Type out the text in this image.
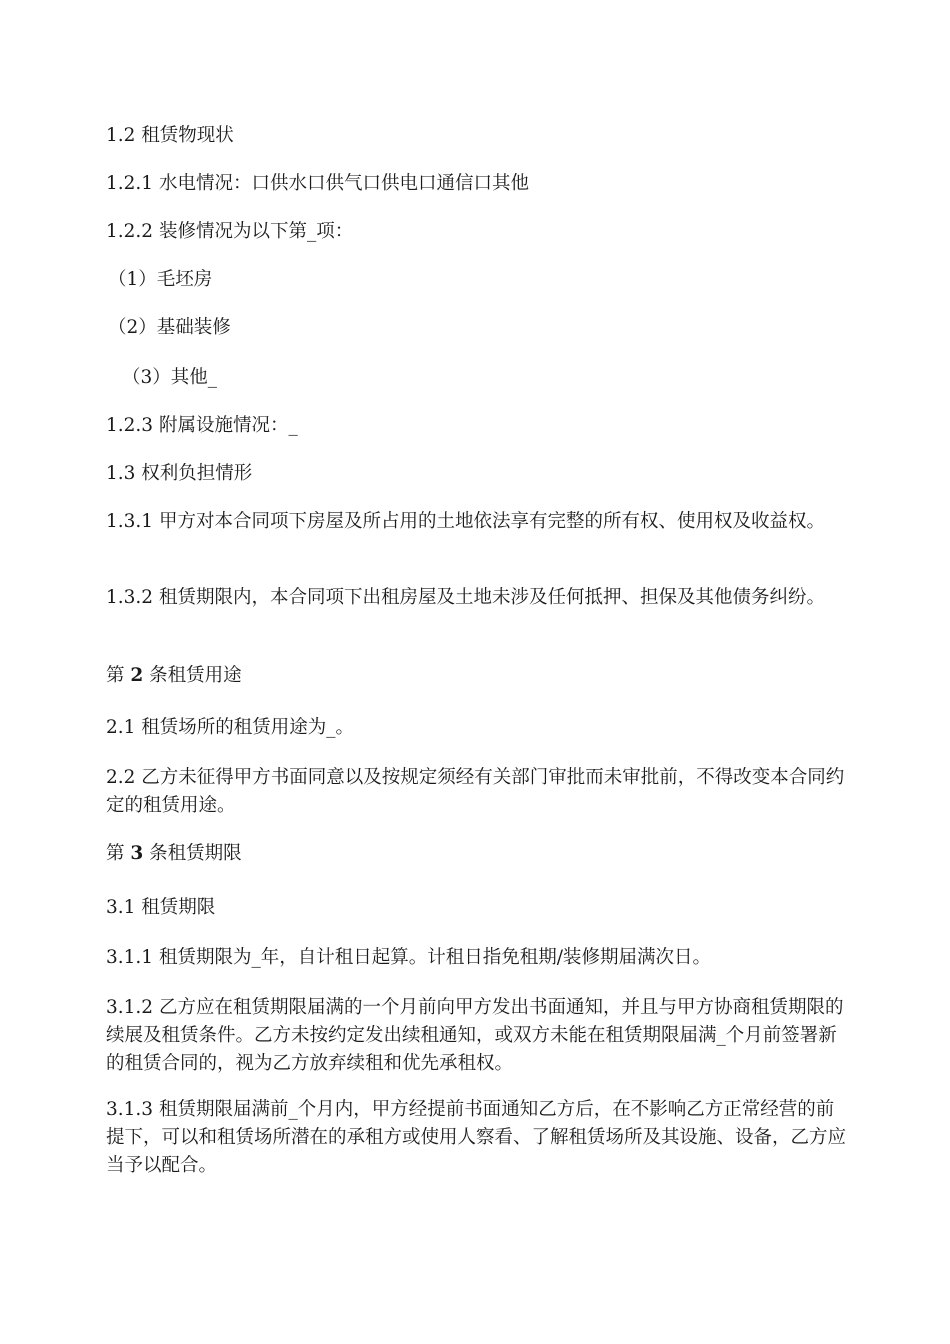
1.2 租赁物现状

1.2.1 水电情况：口供水口供气口供电口通信口其他

1.2.2 装修情况为以下第_项：

（1）毛坯房

（2）基础装修

（3）其他_

1.2.3 附属设施情况：_

1.3 权利负担情形

1.3.1 甲方对本合同项下房屋及所占用的土地依法享有完整的所有权、使用权及收益权。

1.3.2 租赁期限内，本合同项下出租房屋及土地未涉及任何抵押、担保及其他债务纠纷。

第 2 条租赁用途

2.1 租赁场所的租赁用途为_。

2.2 乙方未征得甲方书面同意以及按规定须经有关部门审批而未审批前，不得改变本合同约定的租赁用途。

第 3 条租赁期限

3.1 租赁期限

3.1.1 租赁期限为_年，自计租日起算。计租日指免租期/装修期届满次日。

3.1.2 乙方应在租赁期限届满的一个月前向甲方发出书面通知，并且与甲方协商租赁期限的续展及租赁条件。乙方未按约定发出续租通知，或双方未能在租赁期限届满_个月前签署新的租赁合同的，视为乙方放弃续租和优先承租权。

3.1.3 租赁期限届满前_个月内，甲方经提前书面通知乙方后，在不影响乙方正常经营的前提下，可以和租赁场所潜在的承租方或使用人察看、了解租赁场所及其设施、设备，乙方应当予以配合。
